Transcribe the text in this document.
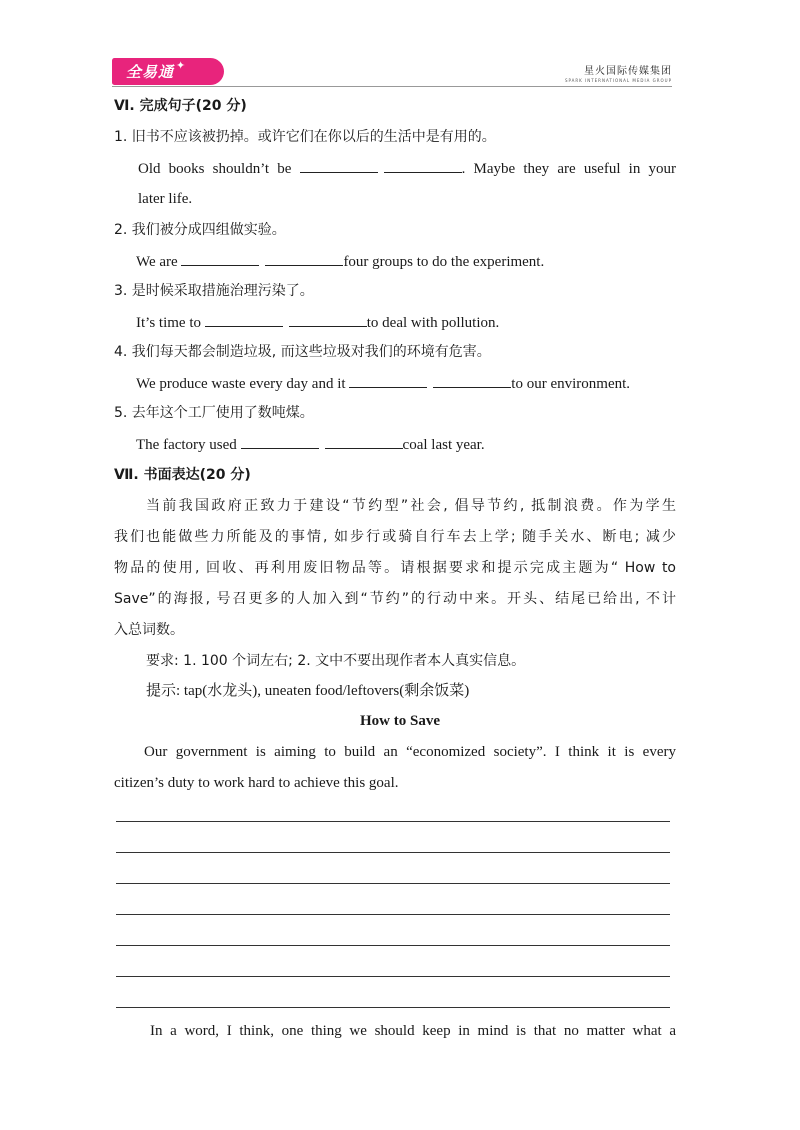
全易通 ✦	星火国际传媒集团
SPARK INTERNATIONAL MEDIA GROUP
Ⅵ. 完成句子(20 分)
1. 旧书不应该被扔掉。或许它们在你以后的生活中是有用的。
Old books shouldn’t be	. Maybe they are useful in your
later life.
2. 我们被分成四组做实验。
We are	four groups to do the experiment.
3. 是时候采取措施治理污染了。
It’s time to	to deal with pollution.
4. 我们每天都会制造垃圾, 而这些垃圾对我们的环境有危害。
We produce waste every day and it	to our environment.
5. 去年这个工厂使用了数吨煤。
The factory used	coal last year.
Ⅶ. 书面表达(20 分)
当前我国政府正致力于建设“节约型”社会, 倡导节约, 抵制浪费。作为学生
我们也能做些力所能及的事情, 如步行或骑自行车去上学; 随手关水、断电; 减少
物品的使用, 回收、再利用废旧物品等。请根据要求和提示完成主题为“ How to
Save”的海报, 号召更多的人加入到“节约”的行动中来。开头、结尾已给出, 不计
入总词数。
要求: 1. 100 个词左右; 2. 文中不要出现作者本人真实信息。
提示: tap(水龙头), uneaten food/leftovers(剩余饭菜)
How to Save
Our government is aiming to build an “economized society”. I think it is every
citizen’s duty to work hard to achieve this goal.
In a word, I think, one thing we should keep in mind is that no matter what a
